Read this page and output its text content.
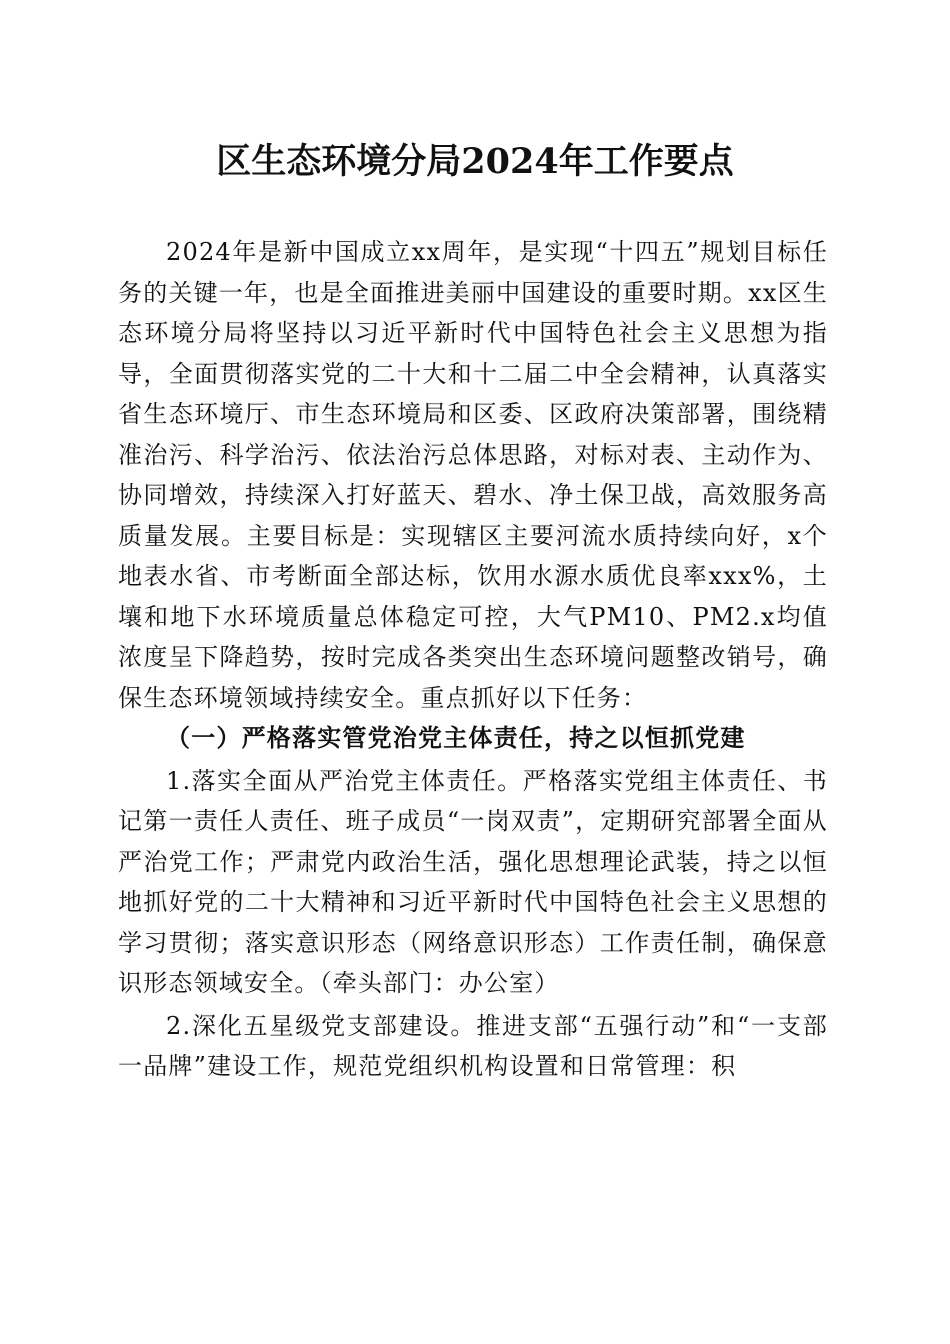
区生态环境分局2024年工作要点

2024年是新中国成立xx周年，是实现“十四五”规划目标任务的关键一年，也是全面推进美丽中国建设的重要时期。xx区生态环境分局将坚持以习近平新时代中国特色社会主义思想为指导，全面贯彻落实党的二十大和十二届二中全会精神，认真落实省生态环境厅、市生态环境局和区委、区政府决策部署，围绕精准治污、科学治污、依法治污总体思路，对标对表、主动作为、协同增效，持续深入打好蓝天、碧水、净土保卫战，高效服务高质量发展。主要目标是：实现辖区主要河流水质持续向好，x个地表水省、市考断面全部达标，饮用水源水质优良率xxx%，土壤和地下水环境质量总体稳定可控，大气PM10、PM2.x均值浓度呈下降趋势，按时完成各类突出生态环境问题整改销号，确保生态环境领域持续安全。重点抓好以下任务：

（一）严格落实管党治党主体责任，持之以恒抓党建

1.落实全面从严治党主体责任。严格落实党组主体责任、书记第一责任人责任、班子成员“一岗双责”，定期研究部署全面从严治党工作；严肃党内政治生活，强化思想理论武装，持之以恒地抓好党的二十大精神和习近平新时代中国特色社会主义思想的学习贯彻；落实意识形态（网络意识形态）工作责任制，确保意识形态领域安全。（牵头部门：办公室）

2.深化五星级党支部建设。推进支部“五强行动”和“一支部一品牌”建设工作，规范党组织机构设置和日常管理：积
